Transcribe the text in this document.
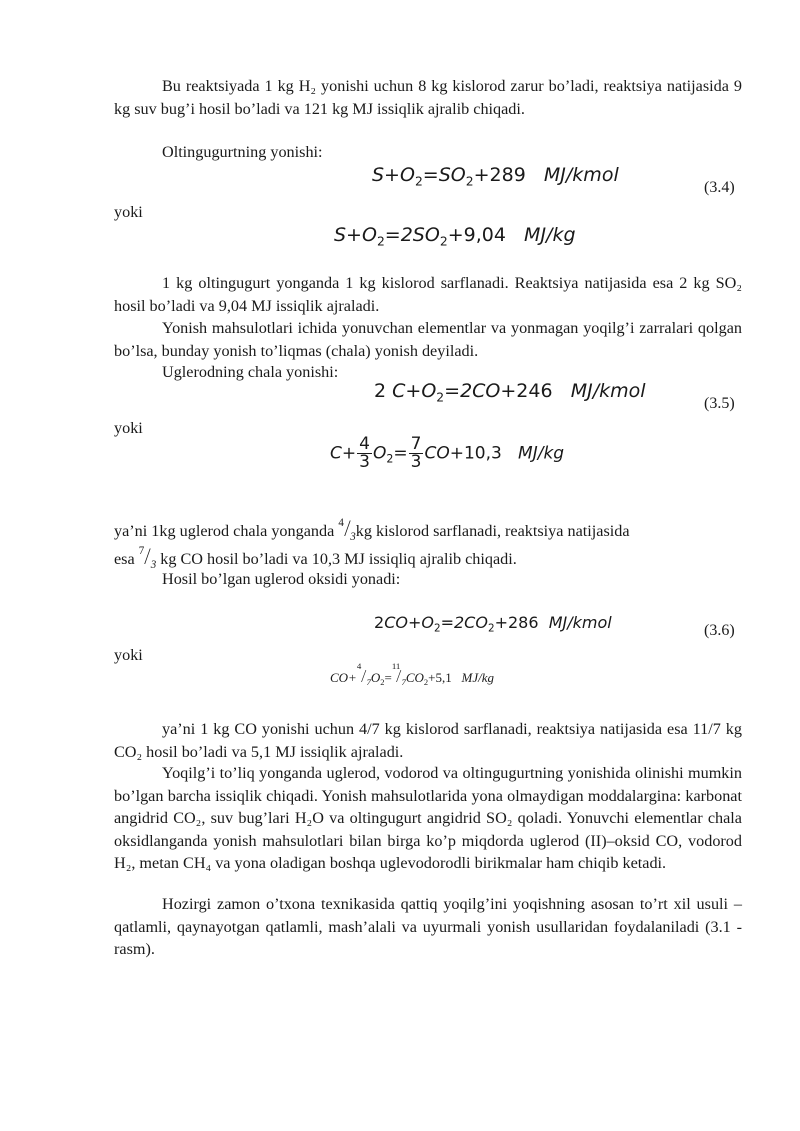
Bu reaktsiyada 1 kg H₂ yonishi uchun 8 kg kislorod zarur bo’ladi, reaktsiya natijasida 9 kg suv bug’i hosil bo’ladi va 121 kg MJ issiqlik ajralib chiqadi.

Oltingugurtning yonishi:
$S+O_2=SO_2+289$ MJ/kmol
(3.4)
yoki
$S+O_2=2SO_2+9,04$ MJ/kg

1 kg oltingugurt yonganda 1 kg kislorod sarflanadi. Reaktsiya natijasida esa 2 kg SO₂ hosil bo’ladi va 9,04 MJ issiqlik ajraladi.

Yonish mahsulotlari ichida yonuvchan elementlar va yonmagan yoqilg’i zarralari qolgan bo’lsa, bunday yonish to’liqmas (chala) yonish deyiladi.

Uglerodning chala yonishi:
2 $C+O_2=2CO+246$ MJ/kmol
(3.5)
yoki
$C+ \frac{4}{3} O_2= \frac{7}{3} CO+10,3$ MJ/kg
ya’ni 1kg uglerod chala yonganda 4 $/_3kg$ kislorod sarflanadi, reaktsiya natijasida
esa 7 $/_3$ kg CO hosil bo’ladi va 10,3 MJ issiqliq ajralib chiqadi.
Hosil bo’lgan uglerod oksidi yonadi:
$2CO+O_2=2CO_2+286$ MJ/kmol	(3.6)
yoki
CO+
4 $/_7O_2=$
11
$/_7CO_2+5,1$ MJ/kg

ya’ni 1 kg CO yonishi uchun 4/7 kg kislorod sarflanadi, reaktsiya natijasida esa 11/7 kg CO₂ hosil bo’ladi va 5,1 MJ issiqlik ajraladi.

Yoqilg’i to’liq yonganda uglerod, vodorod va oltingugurtning yonishida olinishi mumkin bo’lgan barcha issiqlik chiqadi. Yonish mahsulotlarida yona olmaydigan moddalargina: karbonat angidrid CO₂, suv bug’lari H₂O va oltingugurt angidrid SO₂ qoladi. Yonuvchi elementlar chala oksidlanganda yonish mahsulotlari bilan birga ko’p miqdorda uglerod (II)–oksid CO, vodorod H₂, metan CH₄ va yona oladigan boshqa uglevodorodli birikmalar ham chiqib ketadi.

Hozirgi zamon o’txona texnikasida qattiq yoqilg’ini yoqishning asosan to’rt xil usuli – qatlamli, qaynayotgan qatlamli, mash’alali va uyurmali yonish usullaridan foydalaniladi (3.1 - rasm).
